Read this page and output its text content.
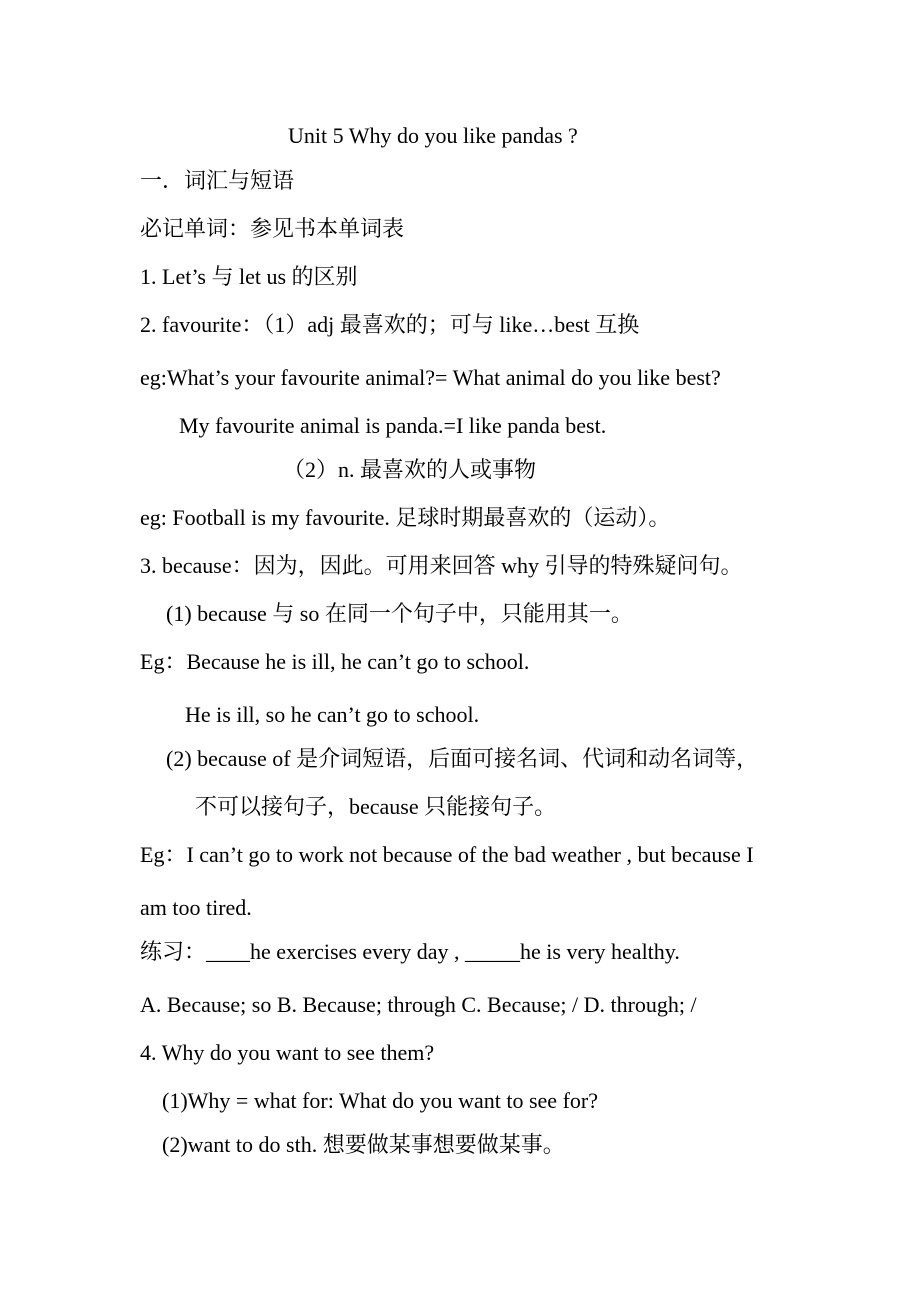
Unit 5 Why do you like pandas ?
一．词汇与短语
必记单词：参见书本单词表
1. Let’s 与 let us 的区别
2. favourite：（1）adj 最喜欢的；可与 like…best 互换
eg:What’s your favourite animal?= What animal do you like best?
My favourite animal is panda.=I like panda best.
（2）n. 最喜欢的人或事物
eg: Football is my favourite. 足球时期最喜欢的（运动）。
3. because：因为，因此。可用来回答 why 引导的特殊疑问句。
(1) because 与 so 在同一个句子中，只能用其一。
Eg：Because he is ill, he can’t go to school.
He is ill, so he can’t go to school.
(2) because of 是介词短语，后面可接名词、代词和动名词等，
不可以接句子，because 只能接句子。
Eg：I can’t go to work not because of the bad weather , but because I
am too tired.
练习：____he exercises every day , _____he is very healthy.
A. Because; so B. Because; through C. Because; / D. through; /
4. Why do you want to see them?
(1)Why = what for: What do you want to see for?
(2)want to do sth. 想要做某事想要做某事。
